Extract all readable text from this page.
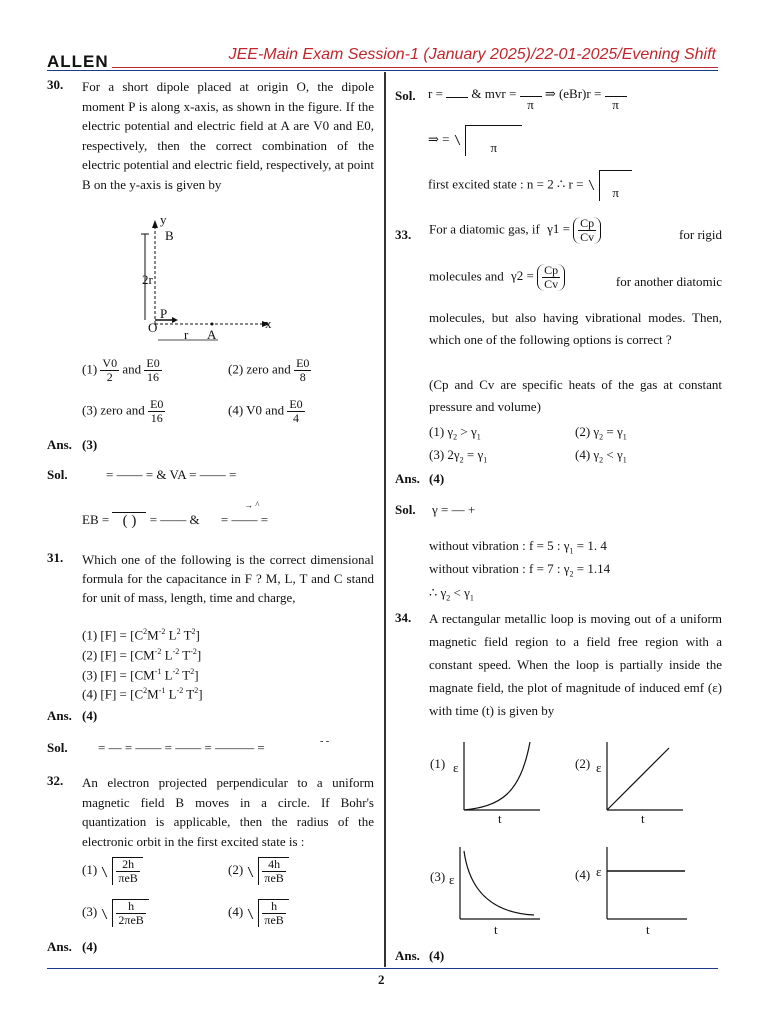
ALLEN	JEE-Main Exam Session-1 (January 2025)/22-01-2025/Evening Shift
30. For a short dipole placed at origin O, the dipole moment P is along x-axis, as shown in the figure. If the electric potential and electric field at A are V0 and E0, respectively, then the correct combination of the electric potential and electric field, respectively, at point B on the y-axis is given by
y
B
2r
P
O r A
x
$(1) \frac{V0}{2}$ and $\frac{E0}{16}$	(2) zero and $\frac{E0}{8}$
(3) zero and $\frac{E0}{16}$	(4) V0 and $\frac{E0}{4}$
Ans. (3)
Sol.	= —— = & VA = —— =
EB = ( )	= —— & = —— =
→ ^
31. Which one of the following is the correct dimensional formula for the capacitance in F ? M, L, T and C stand for unit of mass, length, time and charge,
(1) $[F] = [C^2M^{-2}$ $L^2$ $T^2$]
(2) $[F] = [CM^{-2}$ $L^{-2}$ $T^{-2}$]
(3) $[F] = [CM^{-1}$ $L^{-2}$ $T^2$]
(4) $[F] = [C^2M^{-1}$ $L^{-2}$ $T^2$]
Ans. (4)
Sol. = — = —— = —— = ——— =	- -
32. An electron projected perpendicular to a uniform magnetic field B moves in a circle. If Bohr's quantization is applicable, then the radius of the electronic orbit in the first excited state is :
$(1) \frac{2h}{\text{πeB}}$	$(2) \frac{4h}{\text{πeB}}$
$(3) \frac{h}{\text{2πeB}}$	$(4) \frac{h}{\text{πeB}}$
Ans. (4)
Sol. r = & mvr =
π ⇒ (eBr)r =
π
⇒ = π
first excited state : n = 2 ∴ r = π
33. For a diatomic gas, if $\gamma 1 = \frac{Cp}{Cv}$	for rigid
molecules and $\gamma 2 = \frac{Cp}{Cv}$	for another diatomic
molecules, but also having vibrational modes. Then, which one of the following options is correct ?
(Cp and Cv are specific heats of the gas at constant pressure and volume)
(1) $\gamma_2 > \gamma_1$	(2) $\gamma_2 = \gamma_1$
(3) $2\gamma_2 = \gamma_1$	(4) $\gamma_2 < \gamma_1$
Ans. (4)
Sol. γ = — +
without vibration : f = 5 : $\gamma_1 = 1$. 4
without vibration : f = 7 : $\gamma_2 = 1.14$
∴ $\gamma_2 < \gamma_1$
34. A rectangular metallic loop is moving out of a uniform magnetic field region to a field free region with a constant speed. When the loop is partially inside the magnate field, the plot of magnitude of induced emf (ε) with time (t) is given by
(1) ε
t
(2) ε
t
(3) ε
t
(4) ε
t
Ans. (4)
2
